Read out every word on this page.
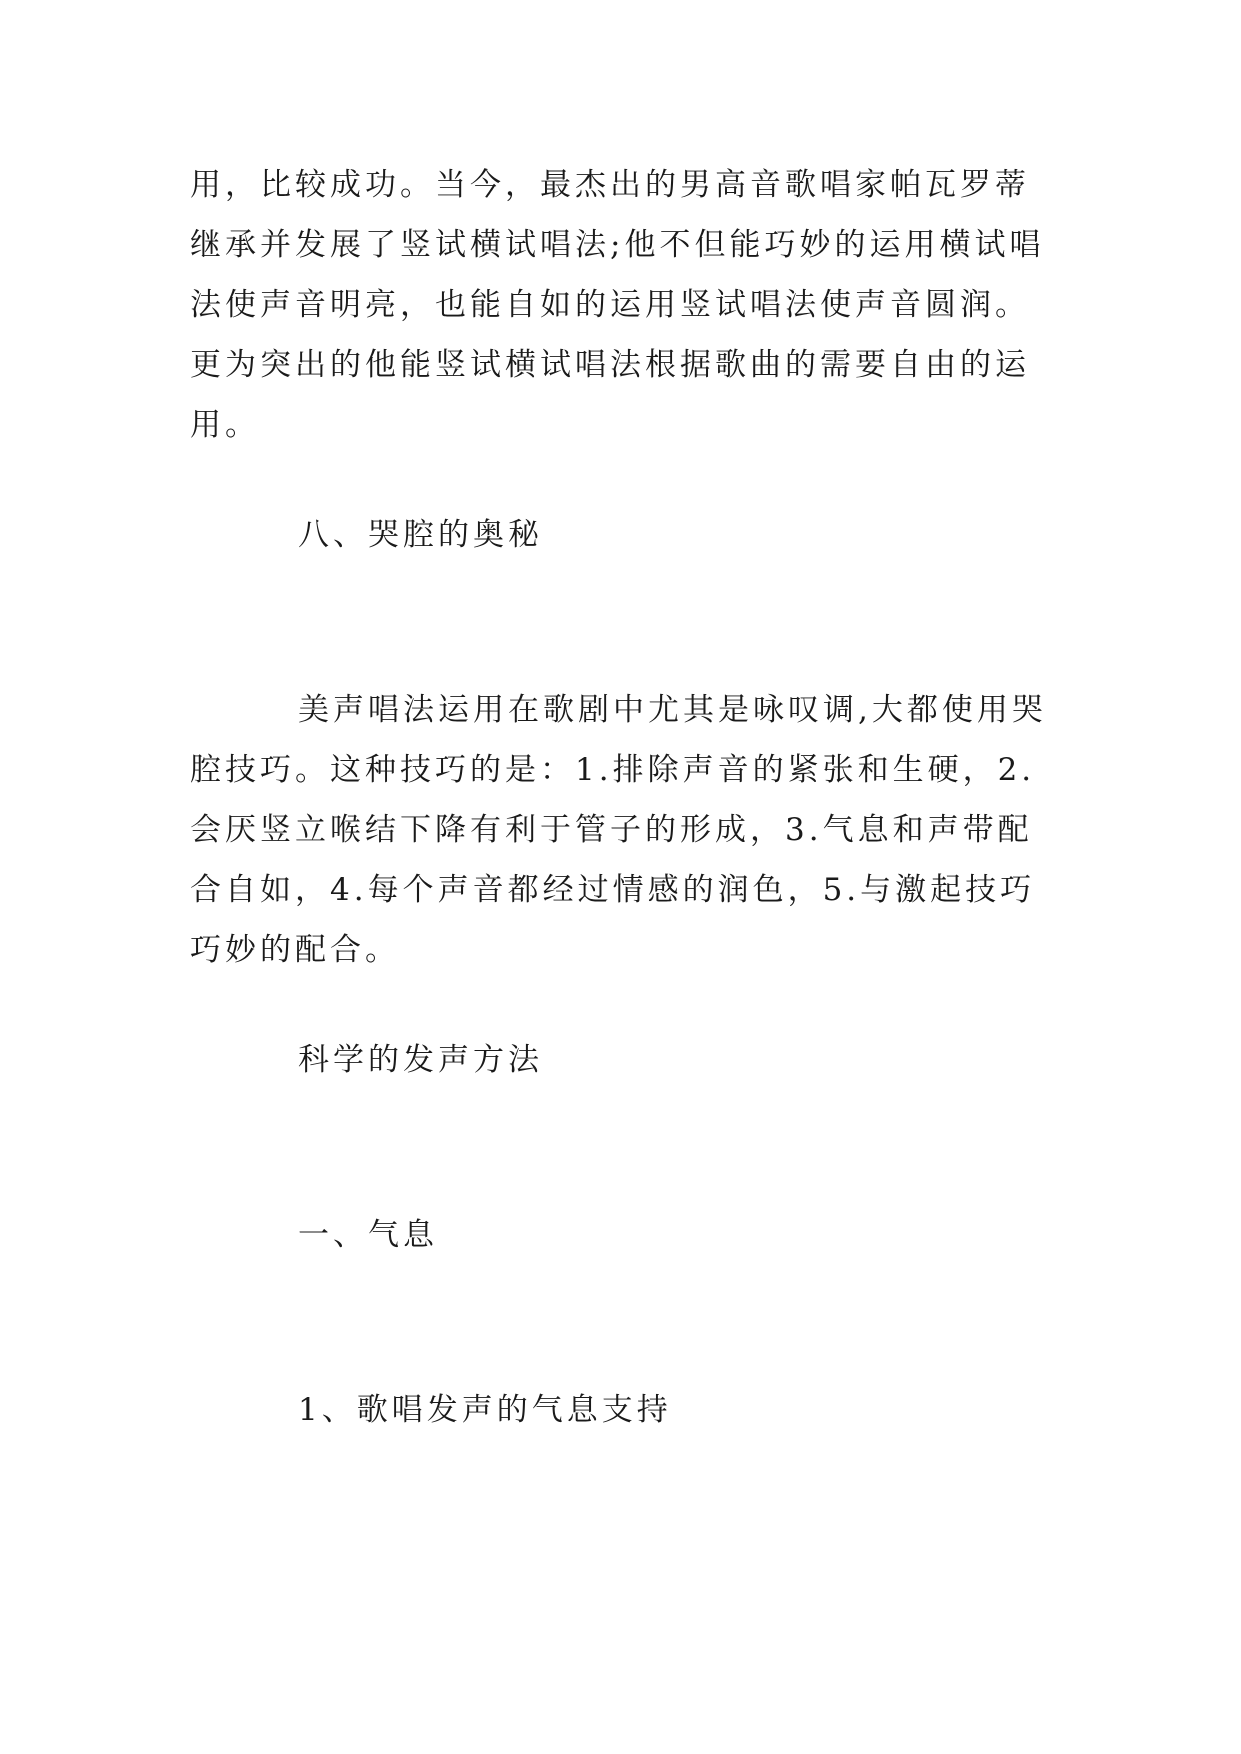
用，比较成功。当今，最杰出的男高音歌唱家帕瓦罗蒂继承并发展了竖试横试唱法;他不但能巧妙的运用横试唱法使声音明亮，也能自如的运用竖试唱法使声音圆润。更为突出的他能竖试横试唱法根据歌曲的需要自由的运用。

八、哭腔的奥秘

美声唱法运用在歌剧中尤其是咏叹调,大都使用哭腔技巧。这种技巧的是：1.排除声音的紧张和生硬，2.会厌竖立喉结下降有利于管子的形成，3.气息和声带配合自如，4.每个声音都经过情感的润色，5.与激起技巧巧妙的配合。

科学的发声方法

一、气息

1、歌唱发声的气息支持
